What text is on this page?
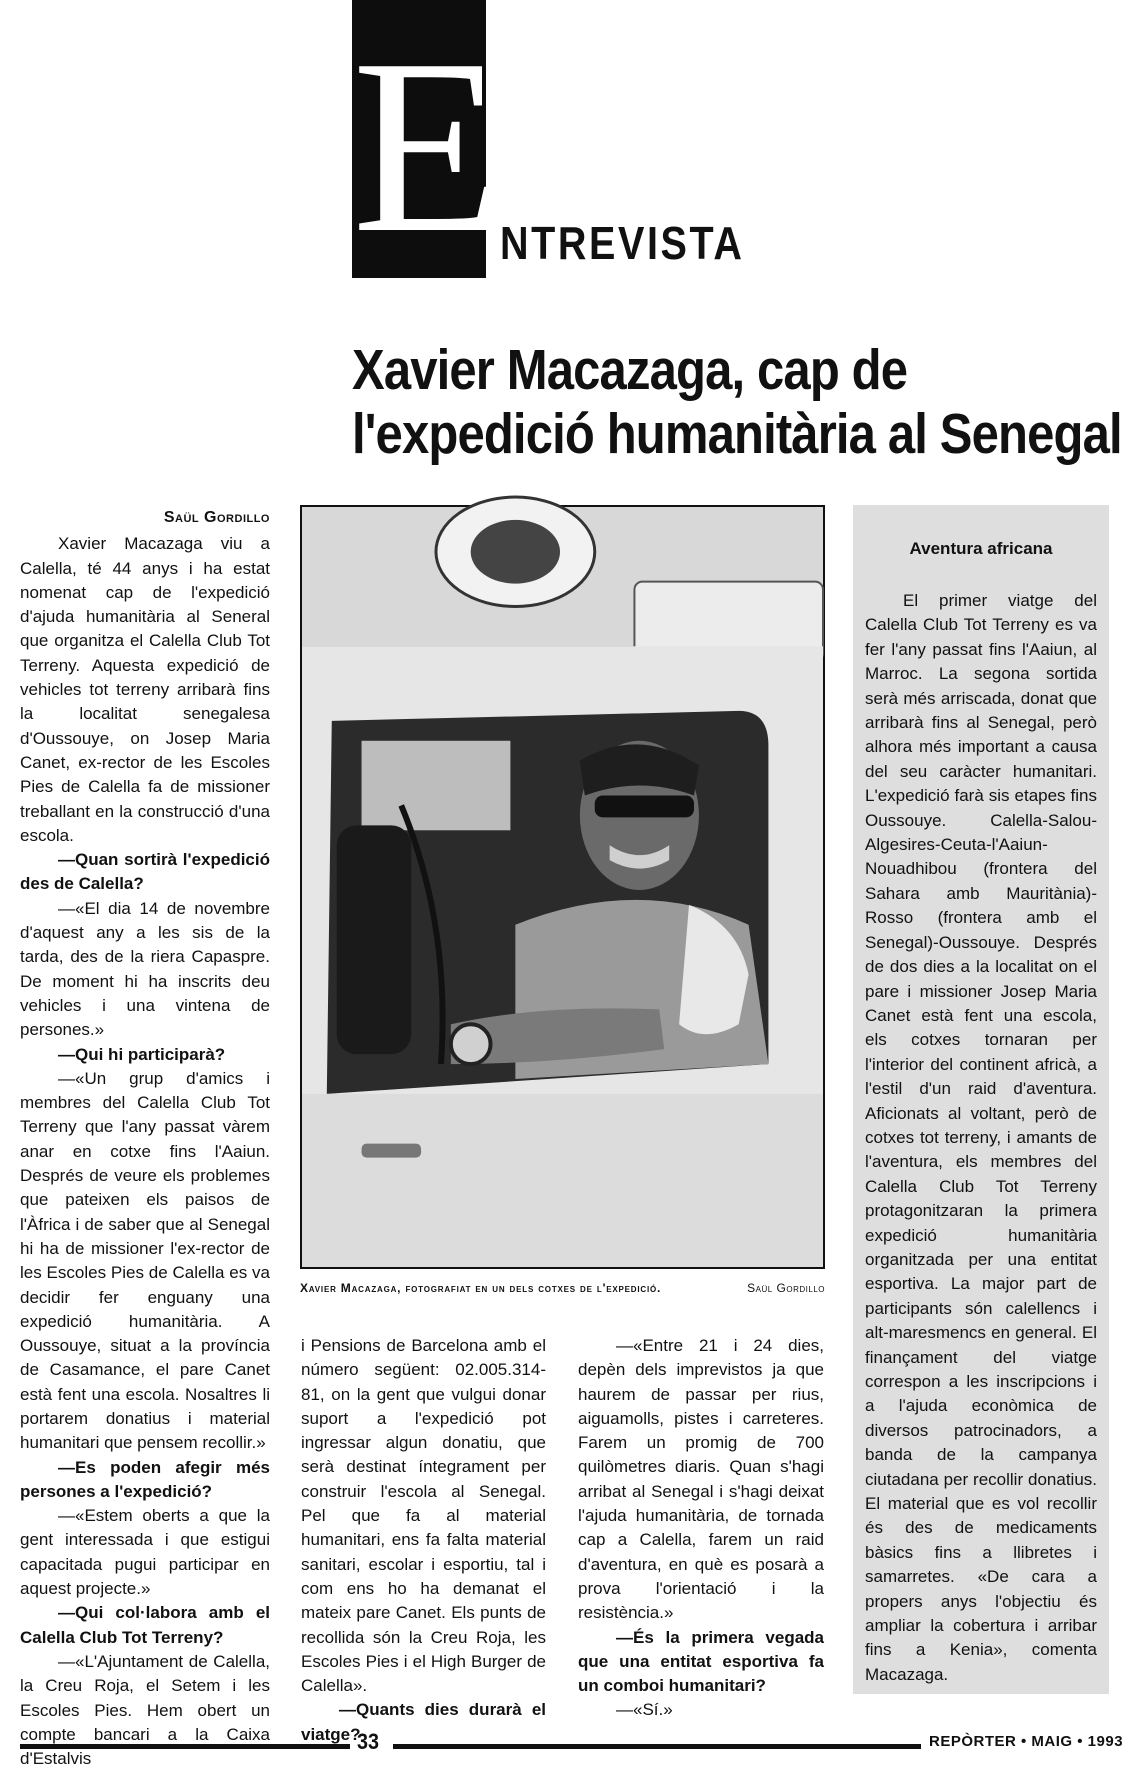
E
NTREVISTA
Xavier Macazaga, cap de
l'expedició humanitària al Senegal
Saül Gordillo

Xavier Macazaga viu a Calella, té 44 anys i ha estat nomenat cap de l'expedició d'ajuda humanitària al Seneral que organitza el Calella Club Tot Terreny. Aquesta expedició de vehicles tot terreny arribarà fins la localitat senegalesa d'Oussouye, on Josep Maria Canet, ex-rector de les Escoles Pies de Calella fa de missioner treballant en la construcció d'una escola.

—Quan sortirà l'expedició des de Calella?

—«El dia 14 de novembre d'aquest any a les sis de la tarda, des de la riera Capaspre. De moment hi ha inscrits deu vehicles i una vintena de persones.»

—Qui hi participarà?

—«Un grup d'amics i membres del Calella Club Tot Terreny que l'any passat vàrem anar en cotxe fins l'Aaiun. Després de veure els problemes que pateixen els paisos de l'Àfrica i de saber que al Senegal hi ha de missioner l'ex-rector de les Escoles Pies de Calella es va decidir fer enguany una expedició humanitària. A Oussouye, situat a la província de Casamance, el pare Canet està fent una escola. Nosaltres li portarem donatius i material humanitari que pensem recollir.»

—Es poden afegir més persones a l'expedició?

—«Estem oberts a que la gent interessada i que estigui capacitada pugui participar en aquest projecte.»

—Qui col·labora amb el Calella Club Tot Terreny?

—«L'Ajuntament de Calella, la Creu Roja, el Setem i les Escoles Pies. Hem obert un compte bancari a la Caixa d'Estalvis

Xavier Macazaga, fotografiat en un dels cotxes de l'expedició.	Saül Gordillo

i Pensions de Barcelona amb el número següent: 02.005.314-81, on la gent que vulgui donar suport a l'expedició pot ingressar algun donatiu, que serà destinat íntegrament per construir l'escola al Senegal. Pel que fa al material humanitari, ens fa falta material sanitari, escolar i esportiu, tal i com ens ho ha demanat el mateix pare Canet. Els punts de recollida són la Creu Roja, les Escoles Pies i el High Burger de Calella».

—Quants dies durarà el viatge?

—«Entre 21 i 24 dies, depèn dels imprevistos ja que haurem de passar per rius, aiguamolls, pistes i carreteres. Farem un promig de 700 quilòmetres diaris. Quan s'hagi arribat al Senegal i s'hagi deixat l'ajuda humanitària, de tornada cap a Calella, farem un raid d'aventura, en què es posarà a prova l'orientació i la resistència.»

—És la primera vegada que una entitat esportiva fa un comboi humanitari?

—«Sí.»

Aventura africana

El primer viatge del Calella Club Tot Terreny es va fer l'any passat fins l'Aaiun, al Marroc. La segona sortida serà més arriscada, donat que arribarà fins al Senegal, però alhora més important a causa del seu caràcter humanitari. L'expedició farà sis etapes fins Oussouye. Calella-Salou-Algesires-Ceuta-l'Aaiun-Nouadhibou (frontera del Sahara amb Mauritània)-Rosso (frontera amb el Senegal)-Oussouye. Després de dos dies a la localitat on el pare i missioner Josep Maria Canet està fent una escola, els cotxes tornaran per l'interior del continent africà, a l'estil d'un raid d'aventura. Aficionats al voltant, però de cotxes tot terreny, i amants de l'aventura, els membres del Calella Club Tot Terreny protagonitzaran la primera expedició humanitària organitzada per una entitat esportiva. La major part de participants són calellencs i alt-maresmencs en general. El finançament del viatge correspon a les inscripcions i a l'ajuda econòmica de diversos patrocinadors, a banda de la campanya ciutadana per recollir donatius. El material que es vol recollir és des de medicaments bàsics fins a llibretes i samarretes. «De cara a propers anys l'objectiu és ampliar la cobertura i arribar fins a Kenia», comenta Macazaga.

33	REPÒRTER • MAIG • 1993
